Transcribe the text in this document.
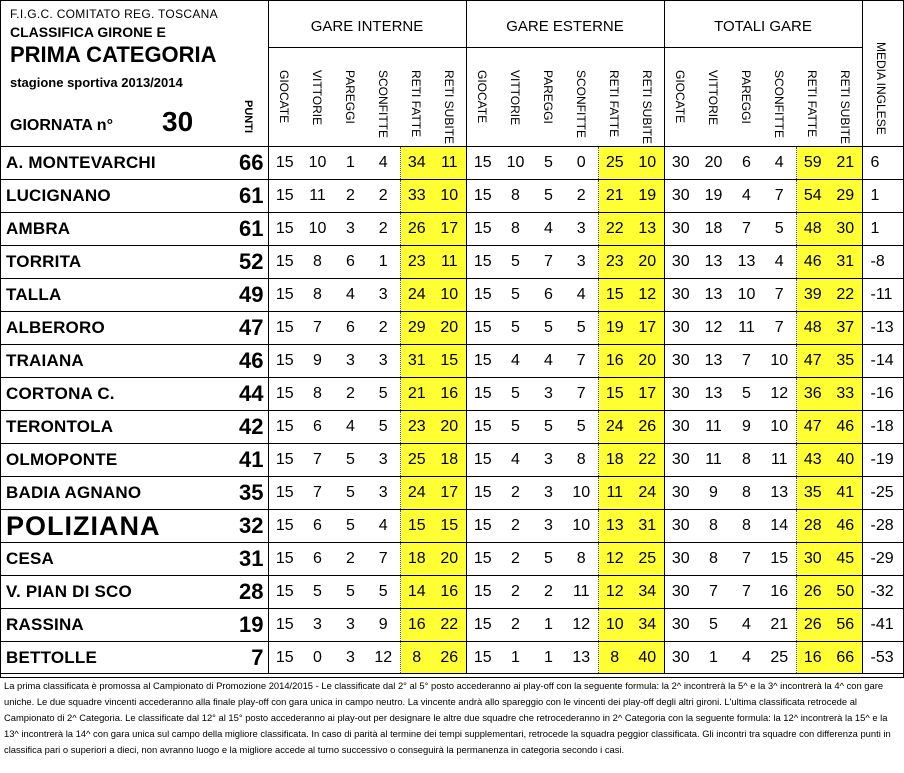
F.I.G.C. COMITATO REG. TOSCANA
CLASSIFICA GIRONE E
PRIMA CATEGORIA
stagione sportiva 2013/2014
GIORNATA n° 30	PUNTI
GARE INTERNE
GIOCATE VITTORIE PAREGGI SCONFITTE RETI FATTE RETI SUBITE
GARE ESTERNE
GIOCATE VITTORIE PAREGGI SCONFITTE RETI FATTE RETI SUBITE
TOTALI GARE
GIOCATE VITTORIE PAREGGI SCONFITTE RETI FATTE RETI SUBITE MEDIA INGLESE
A. MONTEVARCHI	66	15	10	1	4	34	11	15	10	5	0	25	10	30	20	6	4	59	21	6
LUCIGNANO	61	15	11	2	2	33	10	15	8	5	2	21	19	30	19	4	7	54	29	1
AMBRA	61	15	10	3	2	26	17	15	8	4	3	22	13	30	18	7	5	48	30	1
TORRITA	52	15	8	6	1	23	11	15	5	7	3	23	20	30	13	13	4	46	31	-8
TALLA	49	15	8	4	3	24	10	15	5	6	4	15	12	30	13	10	7	39	22	-11
ALBERORO	47	15	7	6	2	29	20	15	5	5	5	19	17	30	12	11	7	48	37	-13
TRAIANA	46	15	9	3	3	31	15	15	4	4	7	16	20	30	13	7	10	47	35	-14
CORTONA C.	44	15	8	2	5	21	16	15	5	3	7	15	17	30	13	5	12	36	33	-16
TERONTOLA	42	15	6	4	5	23	20	15	5	5	5	24	26	30	11	9	10	47	46	-18
OLMOPONTE	41	15	7	5	3	25	18	15	4	3	8	18	22	30	11	8	11	43	40	-19
BADIA AGNANO	35	15	7	5	3	24	17	15	2	3	10	11	24	30	9	8	13	35	41	-25
POLIZIANA	32	15	6	5	4	15	15	15	2	3	10	13	31	30	8	8	14	28	46	-28
CESA	31	15	6	2	7	18	20	15	2	5	8	12	25	30	8	7	15	30	45	-29
V. PIAN DI SCO	28	15	5	5	5	14	16	15	2	2	11	12	34	30	7	7	16	26	50	-32
RASSINA	19	15	3	3	9	16	22	15	2	1	12	10	34	30	5	4	21	26	56	-41
BETTOLLE	7	15	0	3	12	8	26	15	1	1	13	8	40	30	1	4	25	16	66	-53
La prima classificata è promossa al Campionato di Promozione 2014/2015 - Le classificate dal 2° al 5° posto accederanno ai play-off con la seguente formula: la 2^ incontrerà la 5^ e la 3^ incontrerà la 4^ con gare uniche. Le due squadre vincenti accederanno alla finale play-off con gara unica in campo neutro. La vincente andrà allo spareggio con le vincenti dei play-off degli altri gironi. L'ultima classificata retrocede al Campionato di 2^ Categoria. Le classificate dal 12° al 15° posto accederanno ai play-out per designare le altre due squadre che retrocederanno in 2^ Categoria con la seguente formula: la 12^ incontrerà la 15^ e la 13^ incontrerà la 14^ con gara unica sul campo della migliore classificata. In caso di parità al termine dei tempi supplementari, retrocede la squadra peggior classificata. Gli incontri tra squadre con differenza punti in classifica pari o superiori a dieci, non avranno luogo e la migliore accede al turno successivo o conseguirà la permanenza in categoria secondo i casi.
